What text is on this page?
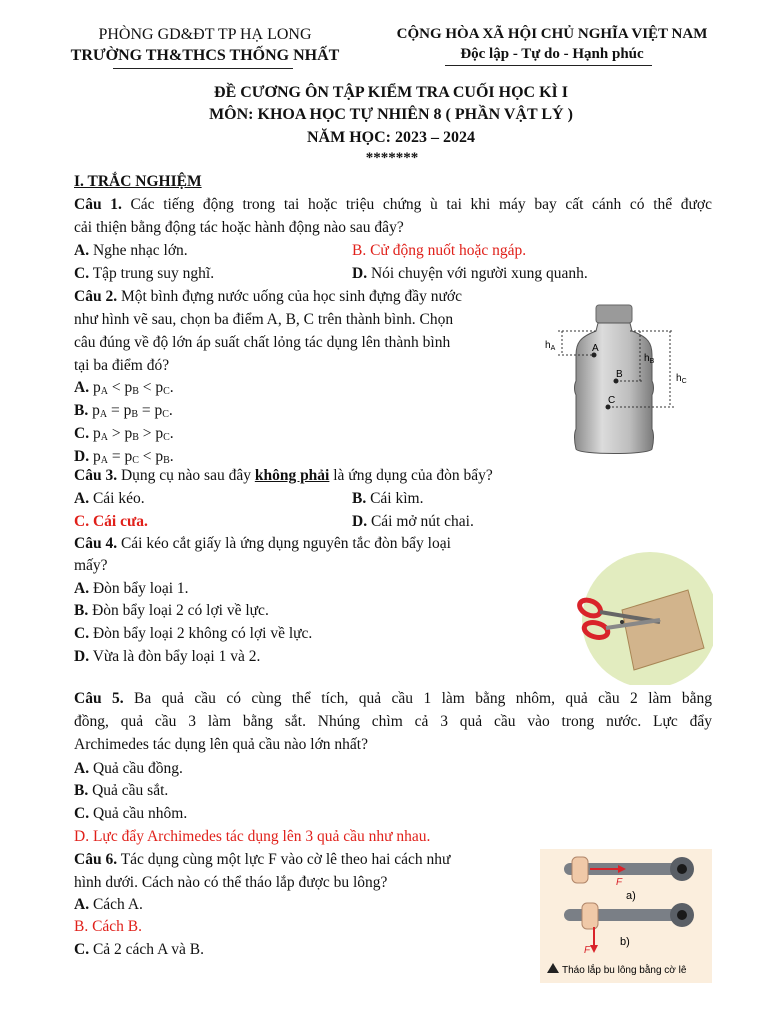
PHÒNG GD&ĐT TP HẠ LONG
TRƯỜNG TH&THCS THỐNG NHẤT
CỘNG HÒA XÃ HỘI CHỦ NGHĨA VIỆT NAM
Độc lập - Tự do - Hạnh phúc
ĐỀ CƯƠNG ÔN TẬP KIỂM TRA CUỐI HỌC KÌ I
MÔN: KHOA HỌC TỰ NHIÊN 8 ( PHẦN VẬT LÝ )
NĂM HỌC: 2023 – 2024
*******
I. TRẮC NGHIỆM
Câu 1. Các tiếng động trong tai hoặc triệu chứng ù tai khi máy bay cất cánh có thể được
cải thiện bằng động tác hoặc hành động nào sau đây?
A. Nghe nhạc lớn.	B. Cử động nuốt hoặc ngáp.
C. Tập trung suy nghĩ.	D. Nói chuyện với người xung quanh.
Câu 2. Một bình đựng nước uống của học sinh đựng đầy nước
như hình vẽ sau, chọn ba điểm A, B, C trên thành bình. Chọn
câu đúng về độ lớn áp suất chất lỏng tác dụng lên thành bình
tại ba điểm đó?
A. $p_A < p_B < p_C$.
B. $p_A = p_B = p_C$.
C. $p_A > p_B > p_C$.
D. $p_A = p_C < p_B$.
A
B
C
$h_A$
$h_B$
$h_C$
Câu 3. Dụng cụ nào sau đây không phải là ứng dụng của đòn bẩy?
A. Cái kéo.	B. Cái kìm.
C. Cái cưa.	D. Cái mở nút chai.
Câu 4. Cái kéo cắt giấy là ứng dụng nguyên tắc đòn bẩy loại
mấy?
A. Đòn bẩy loại 1.
B. Đòn bẩy loại 2 có lợi về lực.
C. Đòn bẩy loại 2 không có lợi về lực.
D. Vừa là đòn bẩy loại 1 và 2.
Câu 5. Ba quả cầu có cùng thể tích, quả cầu 1 làm bằng nhôm, quả cầu 2 làm bằng
đồng, quả cầu 3 làm bằng sắt. Nhúng chìm cả 3 quả cầu vào trong nước. Lực đẩy
Archimedes tác dụng lên quả cầu nào lớn nhất?
A. Quả cầu đồng.
B. Quả cầu sắt.
C. Quả cầu nhôm.
D. Lực đẩy Archimedes tác dụng lên 3 quả cầu như nhau.
Câu 6. Tác dụng cùng một lực F vào cờ lê theo hai cách như
hình dưới. Cách nào có thể tháo lắp được bu lông?
A. Cách A.
B. Cách B.
C. Cả 2 cách A và B.
F
a)
F
b)
Tháo lắp bu lông bằng cờ lê
